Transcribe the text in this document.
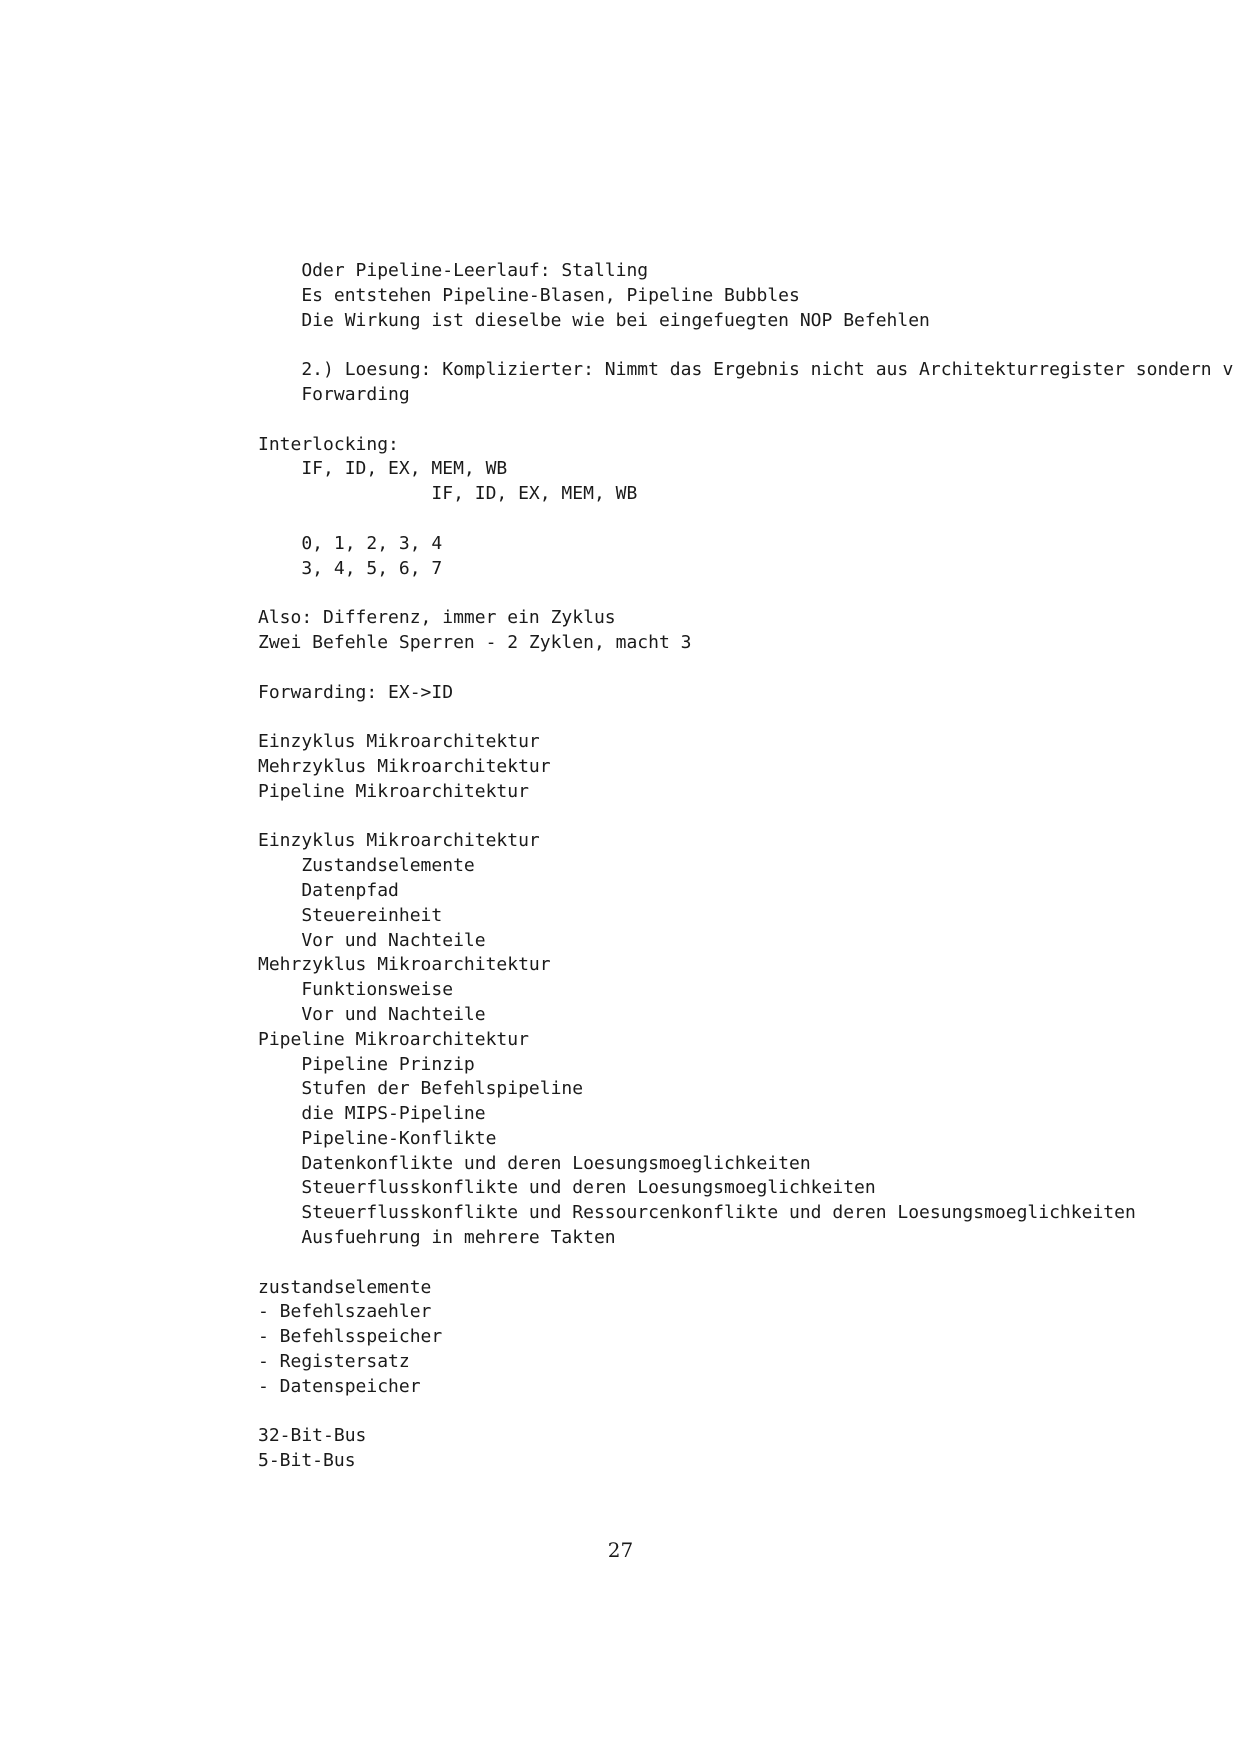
Oder Pipeline-Leerlauf: Stalling
Es entstehen Pipeline-Blasen, Pipeline Bubbles
Die Wirkung ist dieselbe wie bei eingefuegten NOP Befehlen
2.) Loesung: Komplizierter: Nimmt das Ergebnis nicht aus Architekturregister sondern v
Forwarding
Interlocking:
IF, ID, EX, MEM, WB
IF, ID, EX, MEM, WB
0, 1, 2, 3, 4
3, 4, 5, 6, 7
Also: Differenz, immer ein Zyklus
Zwei Befehle Sperren - 2 Zyklen, macht 3
Forwarding: EX->ID
Einzyklus Mikroarchitektur
Mehrzyklus Mikroarchitektur
Pipeline Mikroarchitektur
Einzyklus Mikroarchitektur
Zustandselemente
Datenpfad
Steuereinheit
Vor und Nachteile
Mehrzyklus Mikroarchitektur
Funktionsweise
Vor und Nachteile
Pipeline Mikroarchitektur
Pipeline Prinzip
Stufen der Befehlspipeline
die MIPS-Pipeline
Pipeline-Konflikte
Datenkonflikte und deren Loesungsmoeglichkeiten
Steuerflusskonflikte und deren Loesungsmoeglichkeiten
Steuerflusskonflikte und Ressourcenkonflikte und deren Loesungsmoeglichkeiten
Ausfuehrung in mehrere Takten
zustandselemente
- Befehlszaehler
- Befehlsspeicher
- Registersatz
- Datenspeicher
32-Bit-Bus
5-Bit-Bus
27
